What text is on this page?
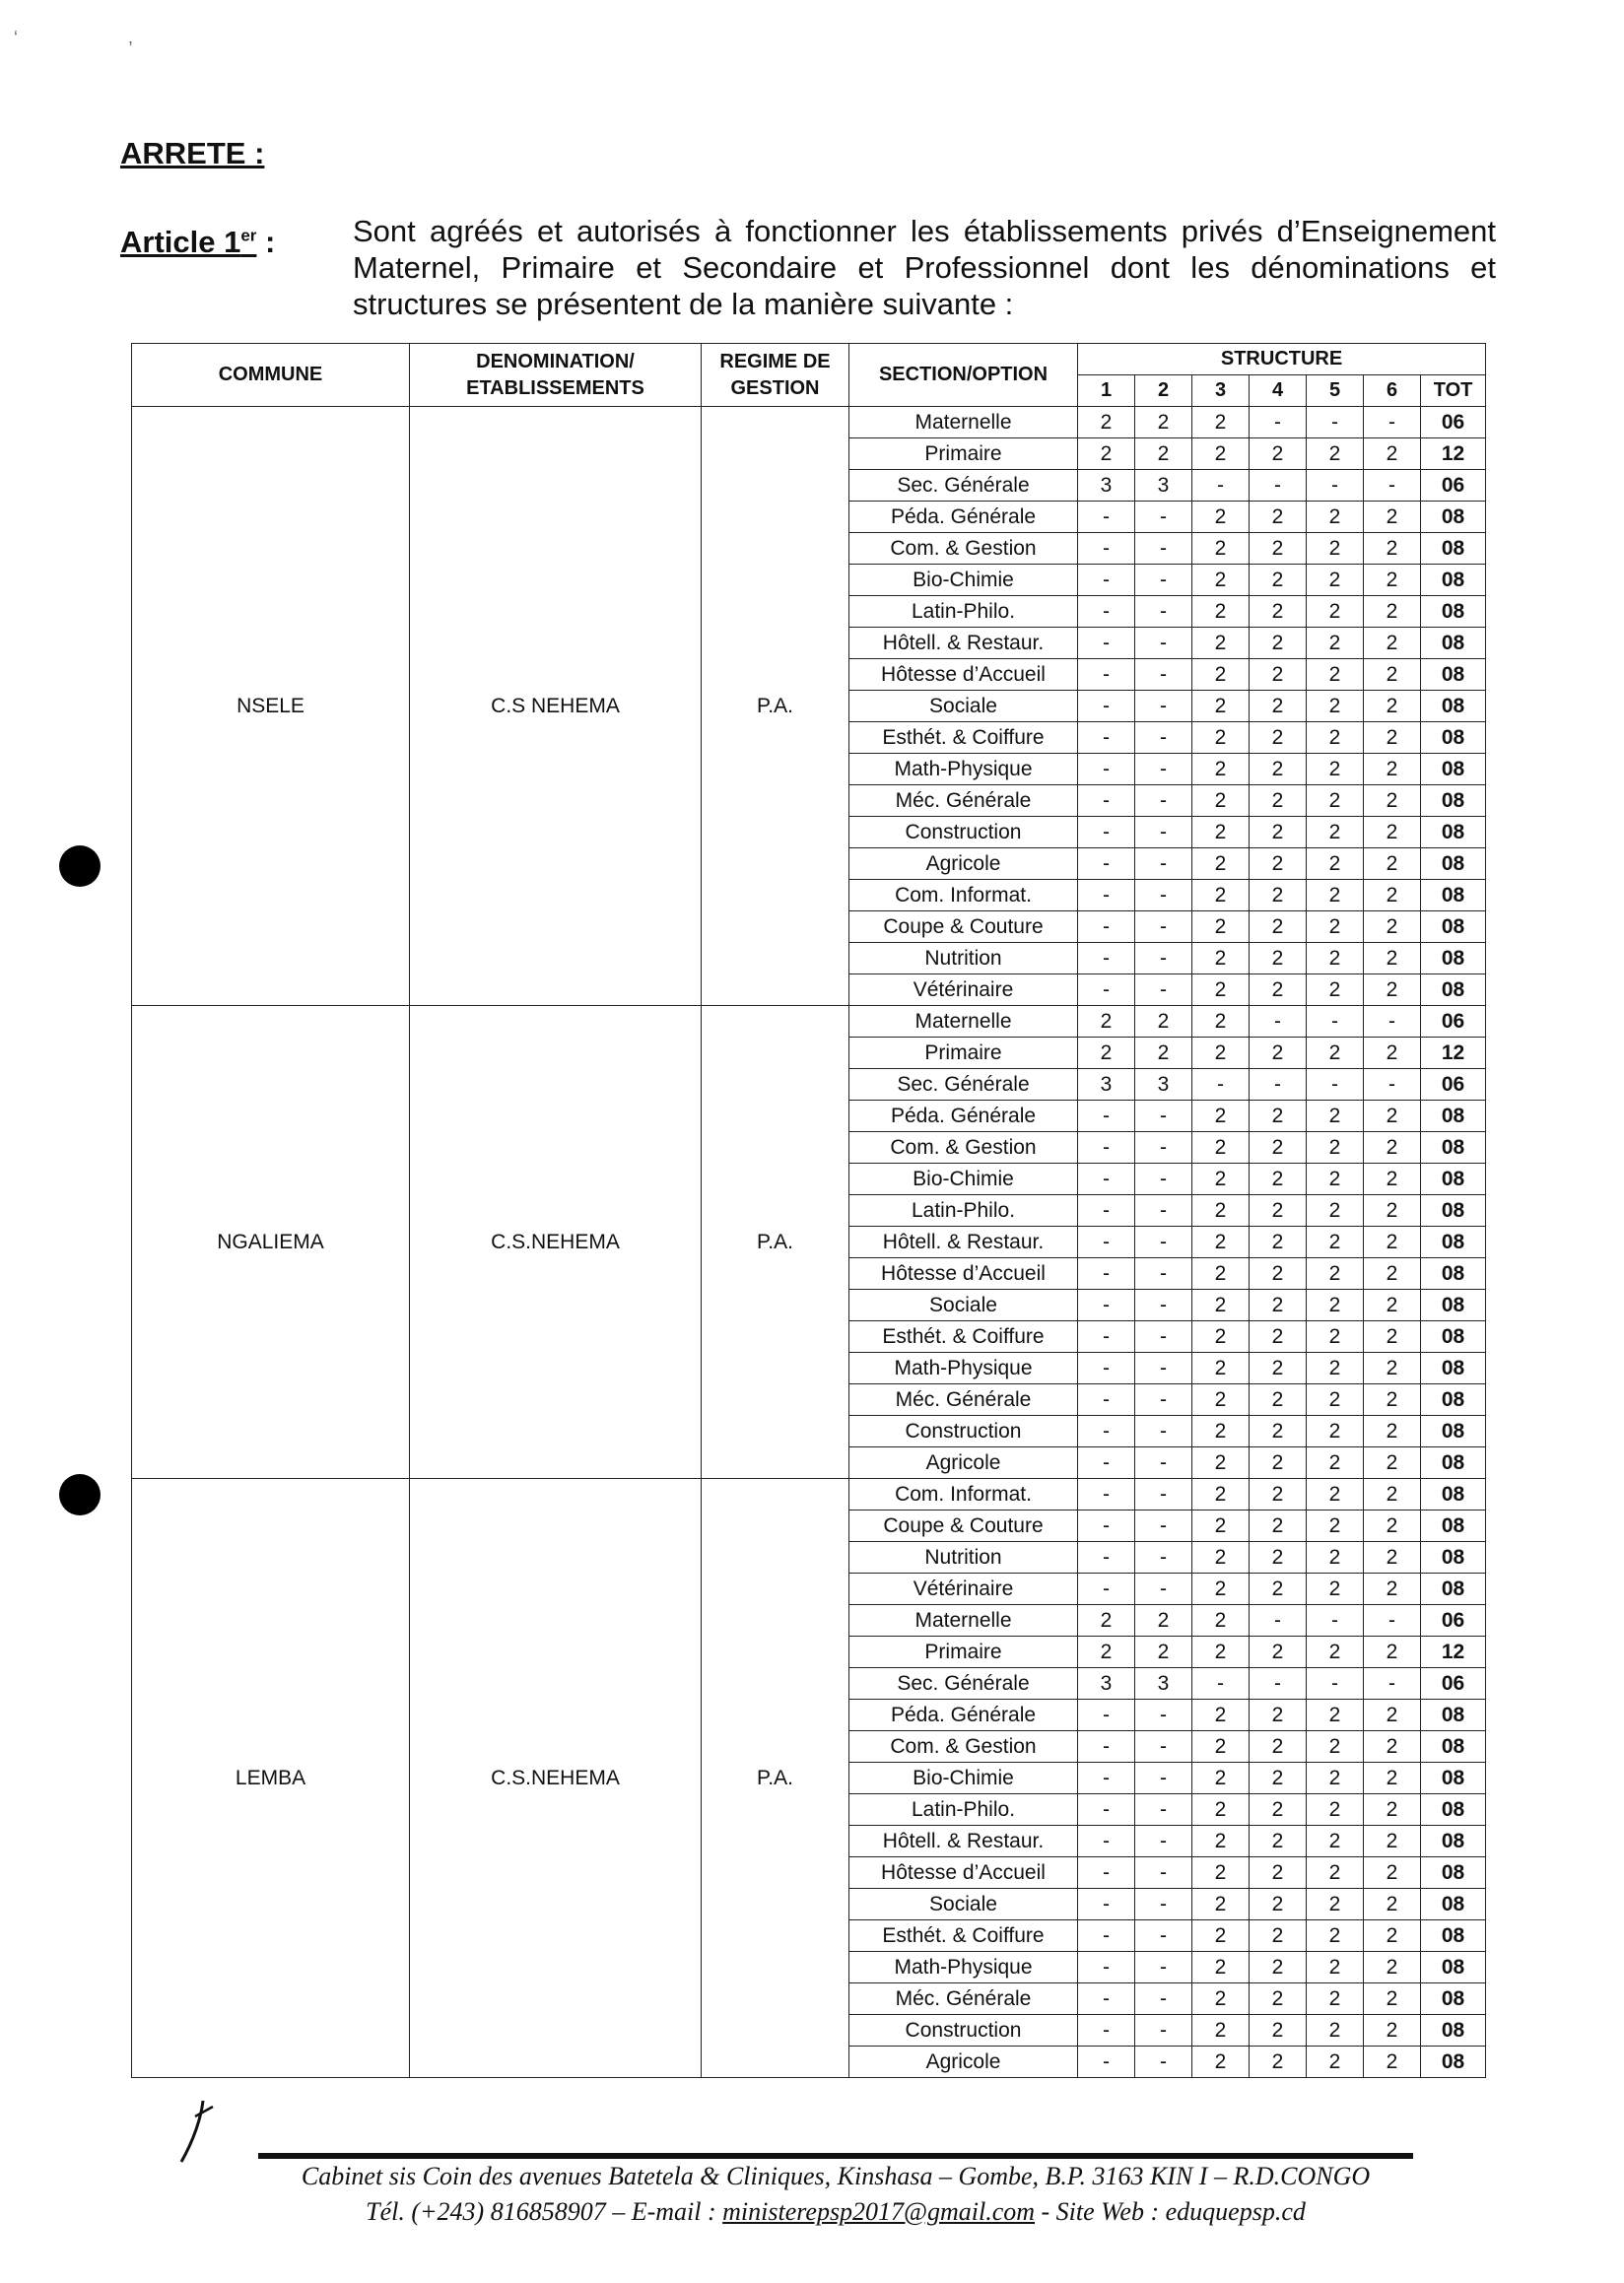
‘	,
ARRETE :
Article 1er :	Sont agréés et autorisés à fonctionner les établissements privés d’Enseignement Maternel, Primaire et Secondaire et Professionnel dont les dénominations et structures se présentent de la manière suivante :
COMMUNE	DENOMINATION/ ETABLISSEMENTS	REGIME DE GESTION	SECTION/OPTION	STRUCTURE						
				1	2	3	4	5	6	TOT
NSELE	C.S NEHEMA	P.A.	Maternelle	2	2	2	-	-	-	06
			Primaire	2	2	2	2	2	2	12
			Sec. Générale	3	3	-	-	-	-	06
			Péda. Générale	-	-	2	2	2	2	08
			Com. & Gestion	-	-	2	2	2	2	08
			Bio-Chimie	-	-	2	2	2	2	08
			Latin-Philo.	-	-	2	2	2	2	08
			Hôtell. & Restaur.	-	-	2	2	2	2	08
			Hôtesse d’Accueil	-	-	2	2	2	2	08
			Sociale	-	-	2	2	2	2	08
			Esthét. & Coiffure	-	-	2	2	2	2	08
			Math-Physique	-	-	2	2	2	2	08
			Méc. Générale	-	-	2	2	2	2	08
			Construction	-	-	2	2	2	2	08
			Agricole	-	-	2	2	2	2	08
			Com. Informat.	-	-	2	2	2	2	08
			Coupe & Couture	-	-	2	2	2	2	08
			Nutrition	-	-	2	2	2	2	08
			Vétérinaire	-	-	2	2	2	2	08
NGALIEMA	C.S.NEHEMA	P.A.	Maternelle	2	2	2	-	-	-	06
			Primaire	2	2	2	2	2	2	12
			Sec. Générale	3	3	-	-	-	-	06
			Péda. Générale	-	-	2	2	2	2	08
			Com. & Gestion	-	-	2	2	2	2	08
			Bio-Chimie	-	-	2	2	2	2	08
			Latin-Philo.	-	-	2	2	2	2	08
			Hôtell. & Restaur.	-	-	2	2	2	2	08
			Hôtesse d’Accueil	-	-	2	2	2	2	08
			Sociale	-	-	2	2	2	2	08
			Esthét. & Coiffure	-	-	2	2	2	2	08
			Math-Physique	-	-	2	2	2	2	08
			Méc. Générale	-	-	2	2	2	2	08
			Construction	-	-	2	2	2	2	08
			Agricole	-	-	2	2	2	2	08
LEMBA	C.S.NEHEMA	P.A.	Com. Informat.	-	-	2	2	2	2	08
			Coupe & Couture	-	-	2	2	2	2	08
			Nutrition	-	-	2	2	2	2	08
			Vétérinaire	-	-	2	2	2	2	08
			Maternelle	2	2	2	-	-	-	06
			Primaire	2	2	2	2	2	2	12
			Sec. Générale	3	3	-	-	-	-	06
			Péda. Générale	-	-	2	2	2	2	08
			Com. & Gestion	-	-	2	2	2	2	08
			Bio-Chimie	-	-	2	2	2	2	08
			Latin-Philo.	-	-	2	2	2	2	08
			Hôtell. & Restaur.	-	-	2	2	2	2	08
			Hôtesse d’Accueil	-	-	2	2	2	2	08
			Sociale	-	-	2	2	2	2	08
			Esthét. & Coiffure	-	-	2	2	2	2	08
			Math-Physique	-	-	2	2	2	2	08
			Méc. Générale	-	-	2	2	2	2	08
			Construction	-	-	2	2	2	2	08
			Agricole	-	-	2	2	2	2	08
Cabinet sis Coin des avenues Batetela & Cliniques, Kinshasa – Gombe, B.P. 3163 KIN I – R.D.CONGO
Tél. (+243) 816858907 – E-mail : ministerepsp2017@gmail.com - Site Web : eduquepsp.cd
